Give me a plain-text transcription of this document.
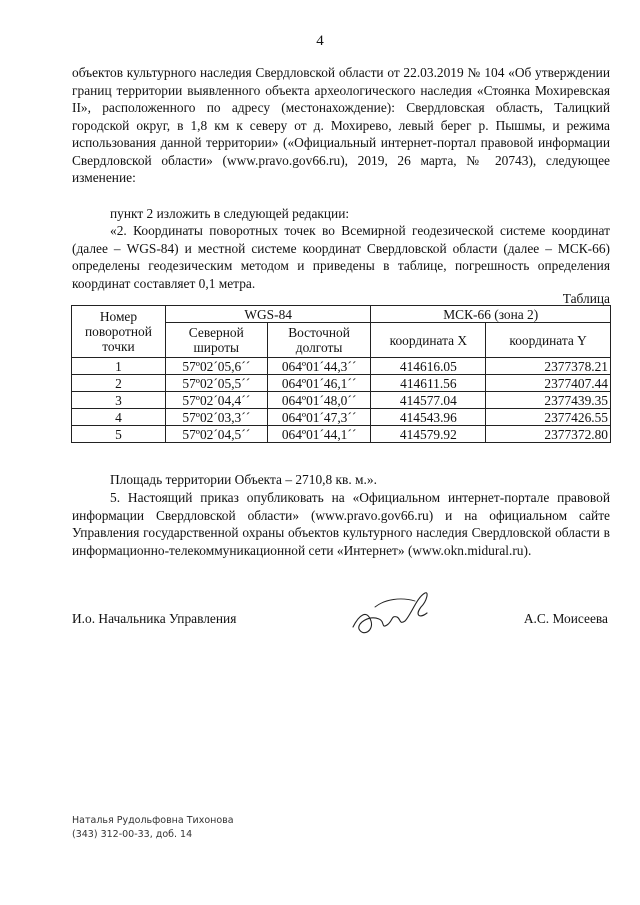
4
объектов культурного наследия Свердловской области от 22.03.2019 № 104 «Об утверждении границ территории выявленного объекта археологического наследия «Стоянка Мохиревская II», расположенного по адресу (местонахождение): Свердловская область, Талицкий городской округ, в 1,8 км к северу от д. Мохирево, левый берег р. Пышмы, и режима использования данной территории» («Официальный интернет-портал правовой информации Свердловской области» (www.pravo.gov66.ru), 2019, 26 марта, № 20743), следующее изменение:
пункт 2 изложить в следующей редакции:
«2. Координаты поворотных точек во Всемирной геодезической системе координат (далее – WGS-84) и местной системе координат Свердловской области (далее – МСК-66) определены геодезическим методом и приведены в таблице, погрешность определения координат составляет 0,1 метра.
Таблица
Номер поворотной точки	WGS-84		МСК-66 (зона 2)	
	Северной широты	Восточной долготы	координата X	координата Y
1	57º02´05,6´´	064º01´44,3´´	414616.05	2377378.21
2	57º02´05,5´´	064º01´46,1´´	414611.56	2377407.44
3	57º02´04,4´´	064º01´48,0´´	414577.04	2377439.35
4	57º02´03,3´´	064º01´47,3´´	414543.96	2377426.55
5	57º02´04,5´´	064º01´44,1´´	414579.92	2377372.80
Площадь территории Объекта – 2710,8 кв. м.».
5. Настоящий приказ опубликовать на «Официальном интернет-портале правовой информации Свердловской области» (www.pravo.gov66.ru) и на официальном сайте Управления государственной охраны объектов культурного наследия Свердловской области в информационно-телекоммуникационной сети «Интернет» (www.okn.midural.ru).
И.о. Начальника Управления	А.С. Моисеева
Наталья Рудольфовна Тихонова
(343) 312-00-33, доб. 14
